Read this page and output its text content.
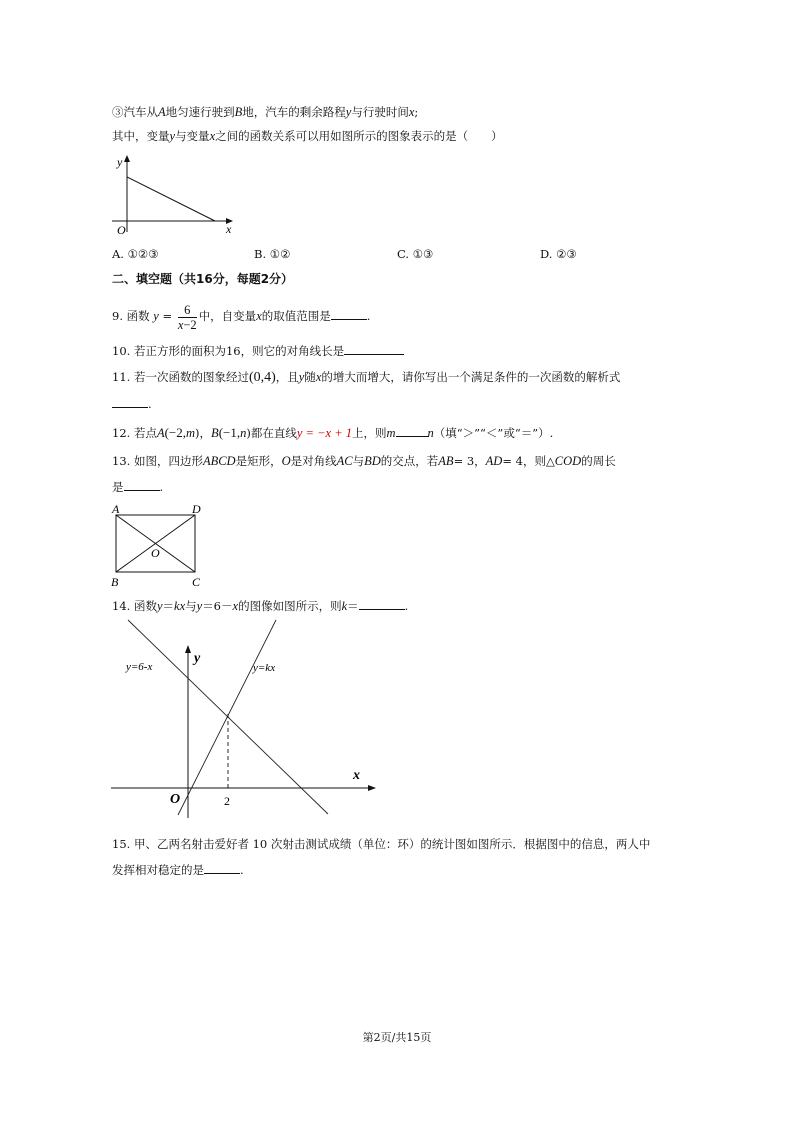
③汽车从A地匀速行驶到B地，汽车的剩余路程y与行驶时间x;
其中，变量y与变量x之间的函数关系可以用如图所示的图象表示的是（　　）
y
x
O
A. ①②③	B. ①②	C. ①③	D. ②③
二、填空题（共16分，每题2分）
9. 函数 $y = \frac{6}{x-2}$ 中，自变量x的取值范围是	.
10. 若正方形的面积为16，则它的对角线长是
11. 若一次函数的图象经过(0,4)，且y随x的增大而增大，请你写出一个满足条件的一次函数的解析式
.
12. 若点A(−2,m)，B(−1,n)都在直线y = −x + 1上，则m	n（填“＞”“＜”或“＝”）.
13. 如图，四边形ABCD是矩形，O是对角线AC与BD的交点，若AB= 3，AD= 4，则△COD的周长
是	.
A	D
B	C
O
14. 函数y＝kx与y＝6－x的图像如图所示，则k＝	.
y=6-x	y=kx
y
x
O	2
15. 甲、乙两名射击爱好者 10 次射击测试成绩（单位：环）的统计图如图所示．根据图中的信息，两人中
发挥相对稳定的是	.
第2页/共15页
